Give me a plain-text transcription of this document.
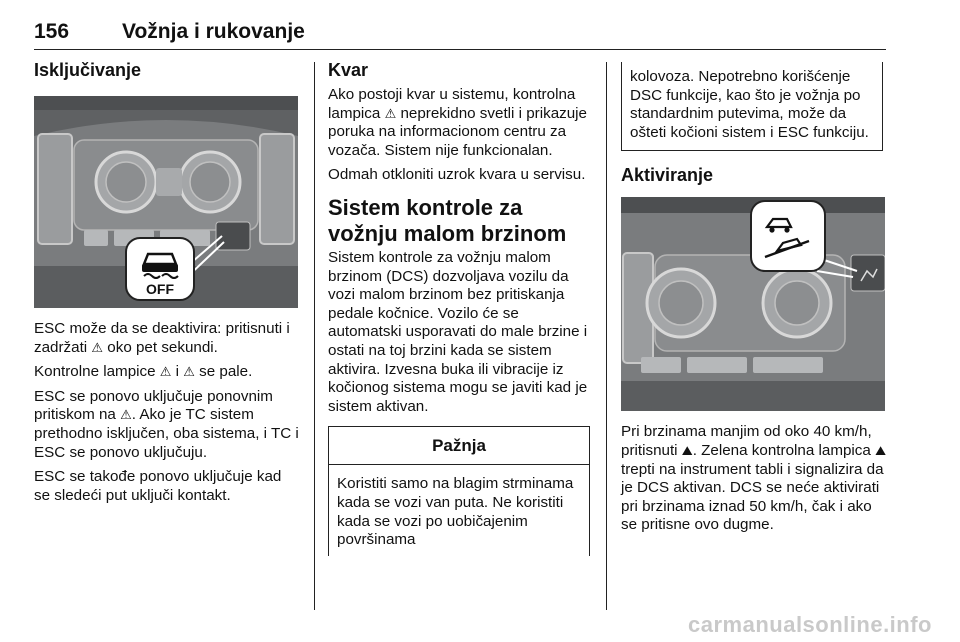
156	Vožnja i rukovanje
Isključivanje
OFF

ESC može da se deaktivira: pritisnuti i zadržati ⚠ oko pet sekundi.

Kontrolne lampice ⚠ i ⚠ se pale.

ESC se ponovo uključuje ponovnim pritiskom na ⚠. Ako je TC sistem prethodno isključen, oba sistema, i TC i ESC se ponovo uključuju.

ESC se takođe ponovo uključuje kad se sledeći put uključi kontakt.

Kvar

Ako postoji kvar u sistemu, kontrolna lampica ⚠ neprekidno svetli i prikazuje poruka na informacionom centru za vozača. Sistem nije funkcionalan.

Odmah otkloniti uzrok kvara u servisu.

Sistem kontrole za vožnju malom brzinom

Sistem kontrole za vožnju malom brzinom (DCS) dozvoljava vozilu da vozi malom brzinom bez pritiskanja pedale kočnice. Vozilo će se automatski usporavati do male brzine i ostati na toj brzini kada se sistem aktivira. Izvesna buka ili vibracije iz kočionog sistema mogu se javiti kad je sistem aktivan.

Pažnja

Koristiti samo na blagim strminama kada se vozi van puta. Ne koristiti kada se vozi po uobičajenim površinama

kolovoza. Nepotrebno korišćenje DSC funkcije, kao što je vožnja po standardnim putevima, može da ošteti kočioni sistem i ESC funkciju.

Aktiviranje

Pri brzinama manjim od oko 40 km/h, pritisnuti ⛰. Zelena kontrolna lampica ⛰ trepti na instrument tabli i signalizira da je DCS aktivan. DCS se neće aktivirati pri brzinama iznad 50 km/h, čak i ako se pritisne ovo dugme.

carmanualsonline.info
